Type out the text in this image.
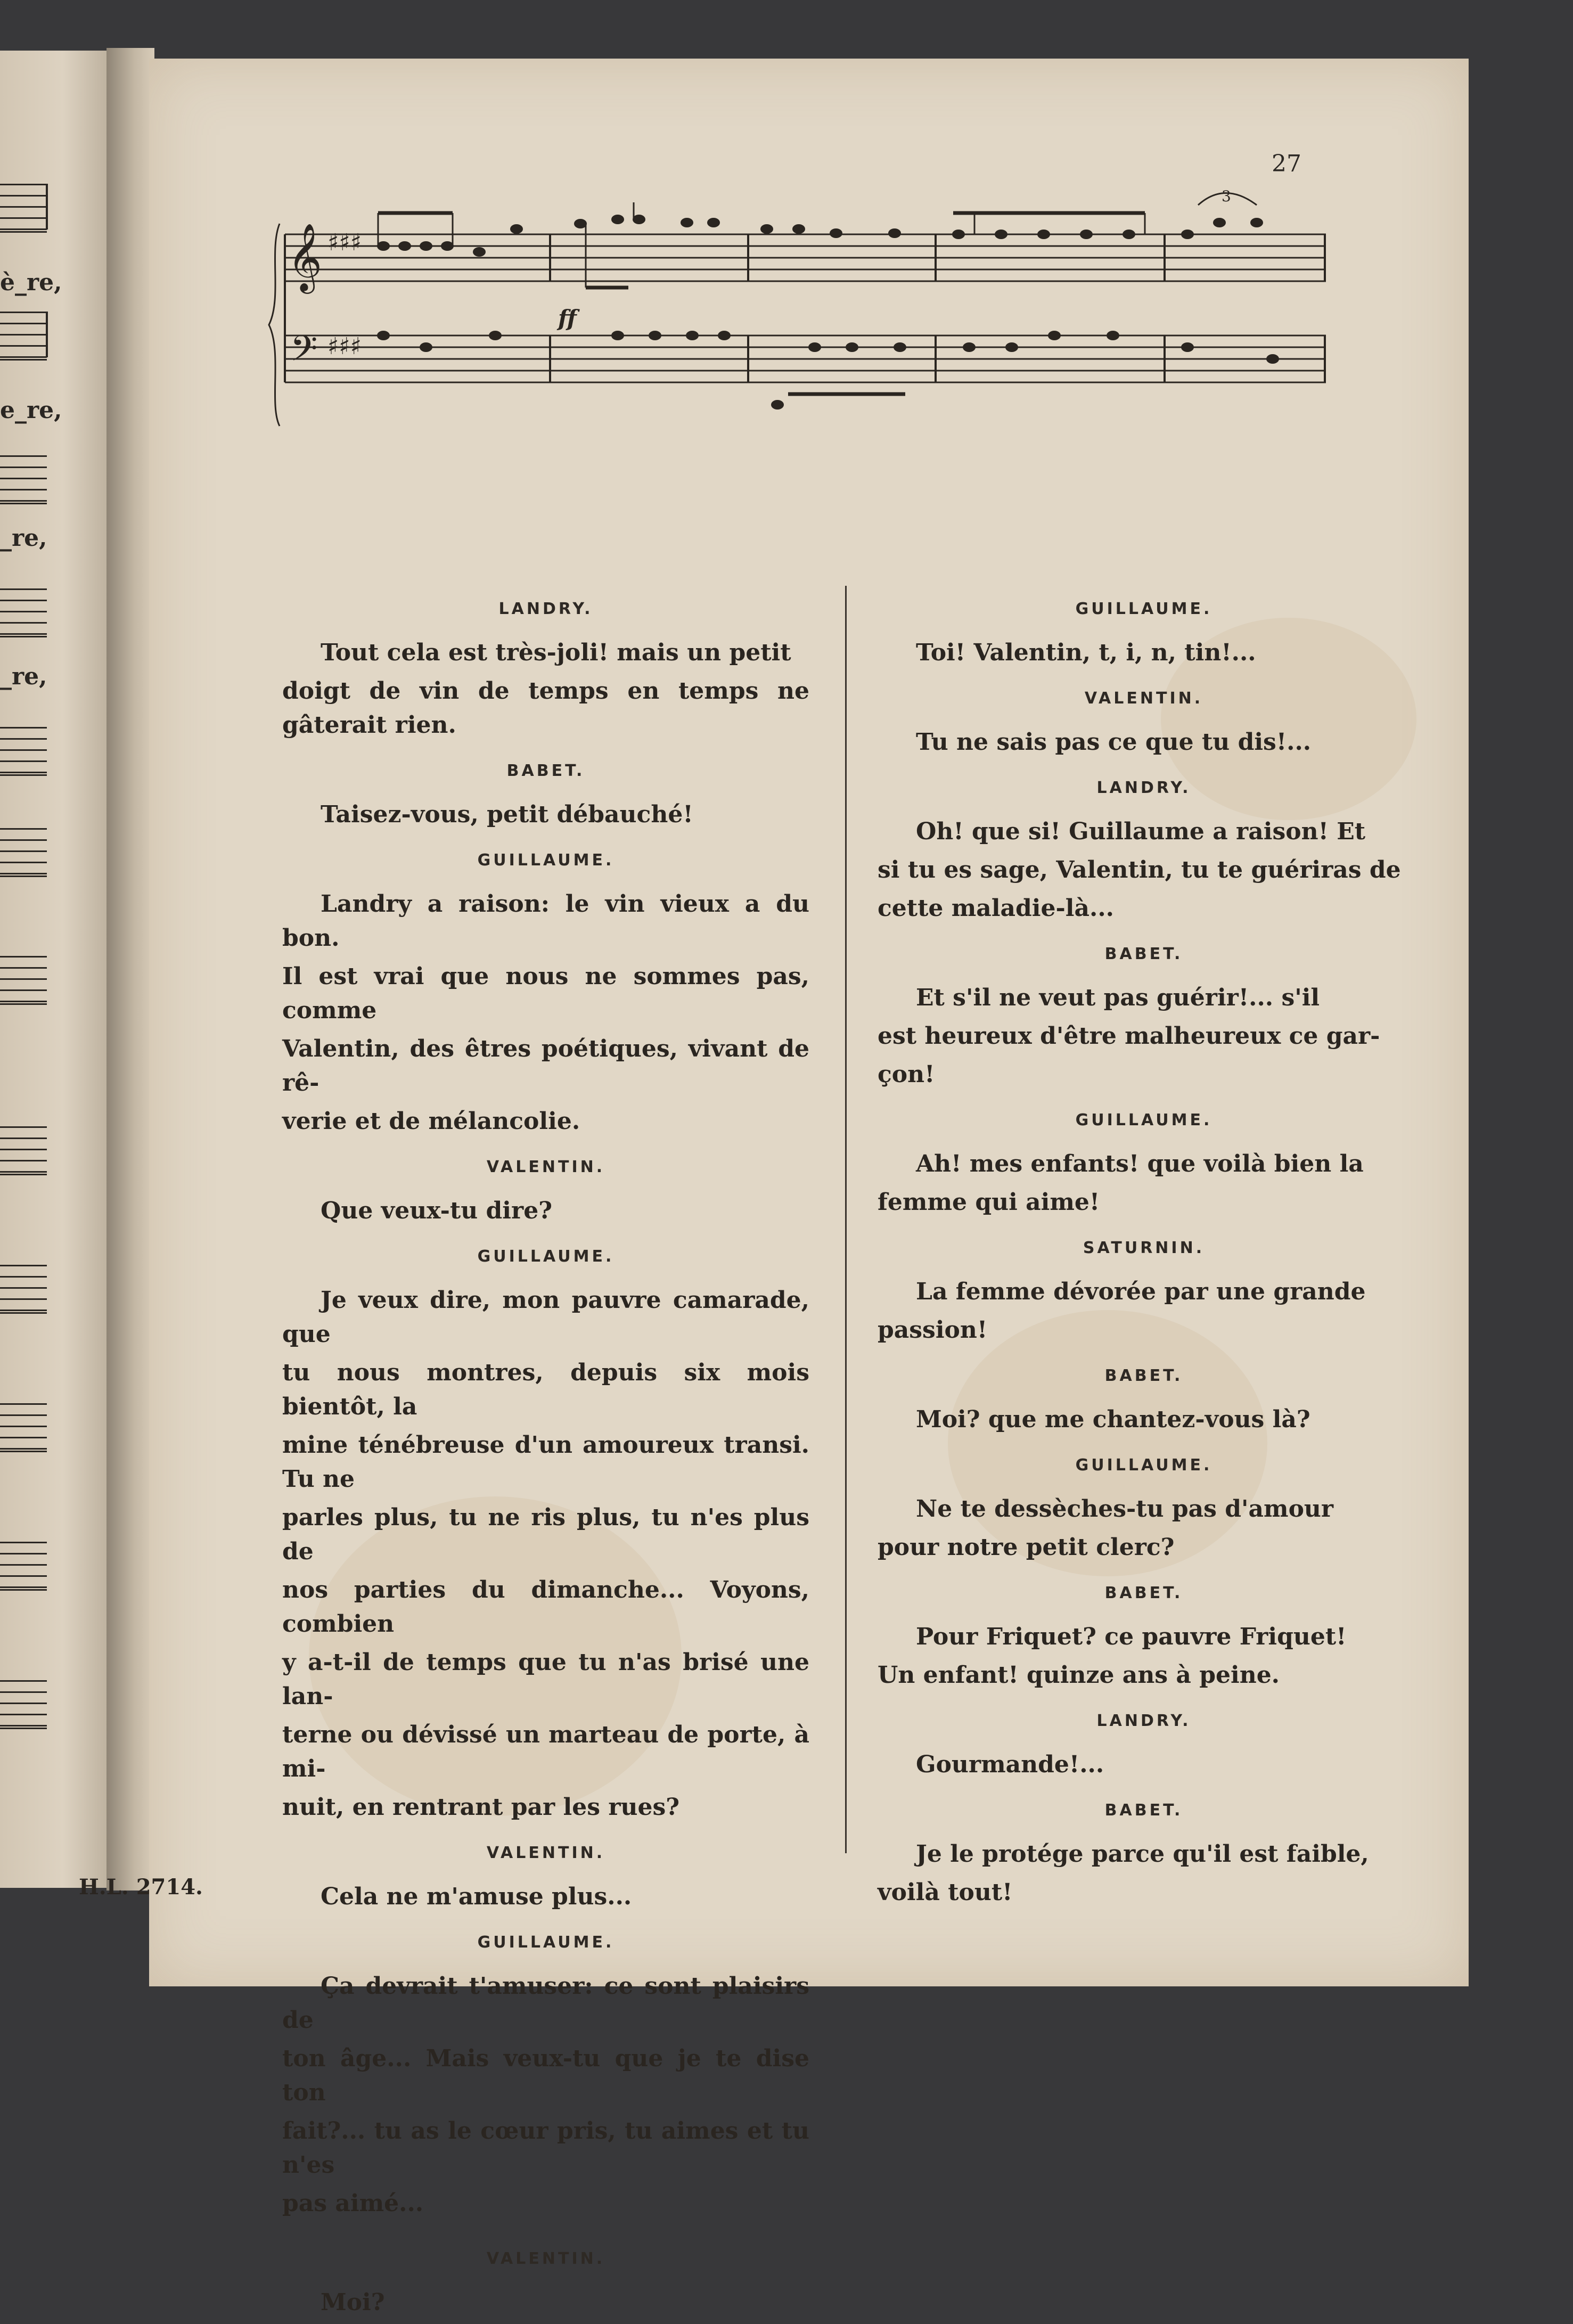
è_re,
e_re,
_re,
_re,
27
𝄞
𝄢
♯♯♯
♯♯♯
ff
3
LANDRY.

Tout cela est très-joli! mais un petit

doigt de vin de temps en temps ne gâterait rien.

BABET.

Taisez-vous, petit débauché!

GUILLAUME.

Landry a raison: le vin vieux a du bon.

Il est vrai que nous ne sommes pas, comme

Valentin, des êtres poétiques, vivant de rê-

verie et de mélancolie.

VALENTIN.

Que veux-tu dire?

GUILLAUME.

Je veux dire, mon pauvre camarade, que

tu nous montres, depuis six mois bientôt, la

mine ténébreuse d'un amoureux transi. Tu ne

parles plus, tu ne ris plus, tu n'es plus de

nos parties du dimanche... Voyons, combien

y a-t-il de temps que tu n'as brisé une lan-

terne ou dévissé un marteau de porte, à mi-

nuit, en rentrant par les rues?

VALENTIN.

Cela ne m'amuse plus...

GUILLAUME.

Ça devrait t'amuser: ce sont plaisirs de

ton âge... Mais veux-tu que je te dise ton

fait?... tu as le cœur pris, tu aimes et tu n'es

pas aimé...

VALENTIN.

Moi?

GUILLAUME.

Toi! Valentin, t, i, n, tin!...

VALENTIN.

Tu ne sais pas ce que tu dis!...

LANDRY.

Oh! que si! Guillaume a raison! Et

si tu es sage, Valentin, tu te guériras de

cette maladie-là...

BABET.

Et s'il ne veut pas guérir!... s'il

est heureux d'être malheureux ce gar-

çon!

GUILLAUME.

Ah! mes enfants! que voilà bien la

femme qui aime!

SATURNIN.

La femme dévorée par une grande

passion!

BABET.

Moi? que me chantez-vous là?

GUILLAUME.

Ne te dessèches-tu pas d'amour

pour notre petit clerc?

BABET.

Pour Friquet? ce pauvre Friquet!

Un enfant! quinze ans à peine.

LANDRY.

Gourmande!...

BABET.

Je le protége parce qu'il est faible,

voilà tout!

H.L. 2714.
